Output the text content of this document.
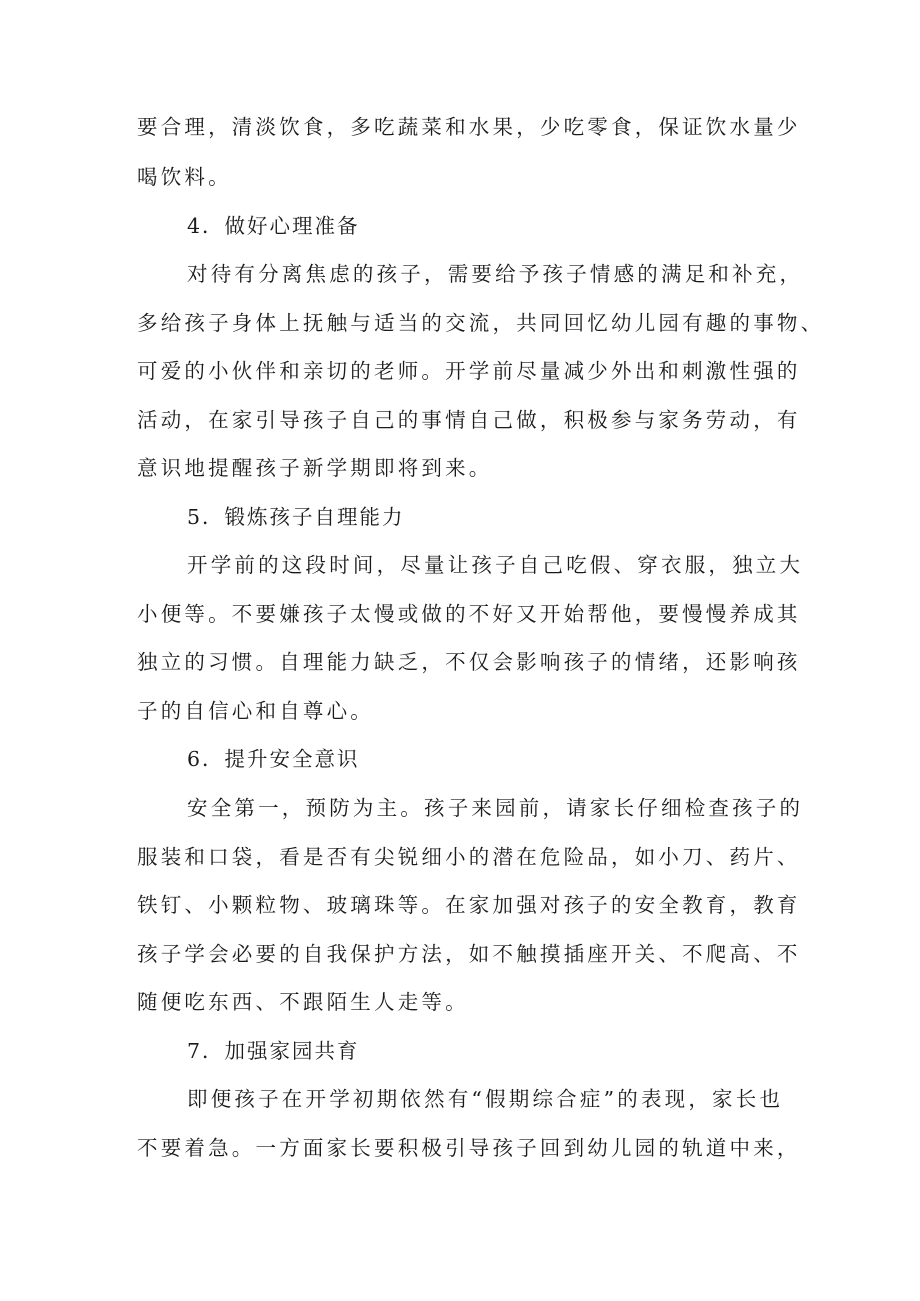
要合理，清淡饮食，多吃蔬菜和水果，少吃零食，保证饮水量少
喝饮料。
4．做好心理准备
对待有分离焦虑的孩子，需要给予孩子情感的满足和补充，
多给孩子身体上抚触与适当的交流，共同回忆幼儿园有趣的事物、
可爱的小伙伴和亲切的老师。开学前尽量减少外出和刺激性强的
活动，在家引导孩子自己的事情自己做，积极参与家务劳动，有
意识地提醒孩子新学期即将到来。
5．锻炼孩子自理能力
开学前的这段时间，尽量让孩子自己吃假、穿衣服，独立大
小便等。不要嫌孩子太慢或做的不好又开始帮他，要慢慢养成其
独立的习惯。自理能力缺乏，不仅会影响孩子的情绪，还影响孩
子的自信心和自尊心。
6．提升安全意识
安全第一，预防为主。孩子来园前，请家长仔细检查孩子的
服装和口袋，看是否有尖锐细小的潜在危险品，如小刀、药片、
铁钉、小颗粒物、玻璃珠等。在家加强对孩子的安全教育，教育
孩子学会必要的自我保护方法，如不触摸插座开关、不爬高、不
随便吃东西、不跟陌生人走等。
7．加强家园共育
即便孩子在开学初期依然有“假期综合症”的表现，家长也
不要着急。一方面家长要积极引导孩子回到幼儿园的轨道中来，
